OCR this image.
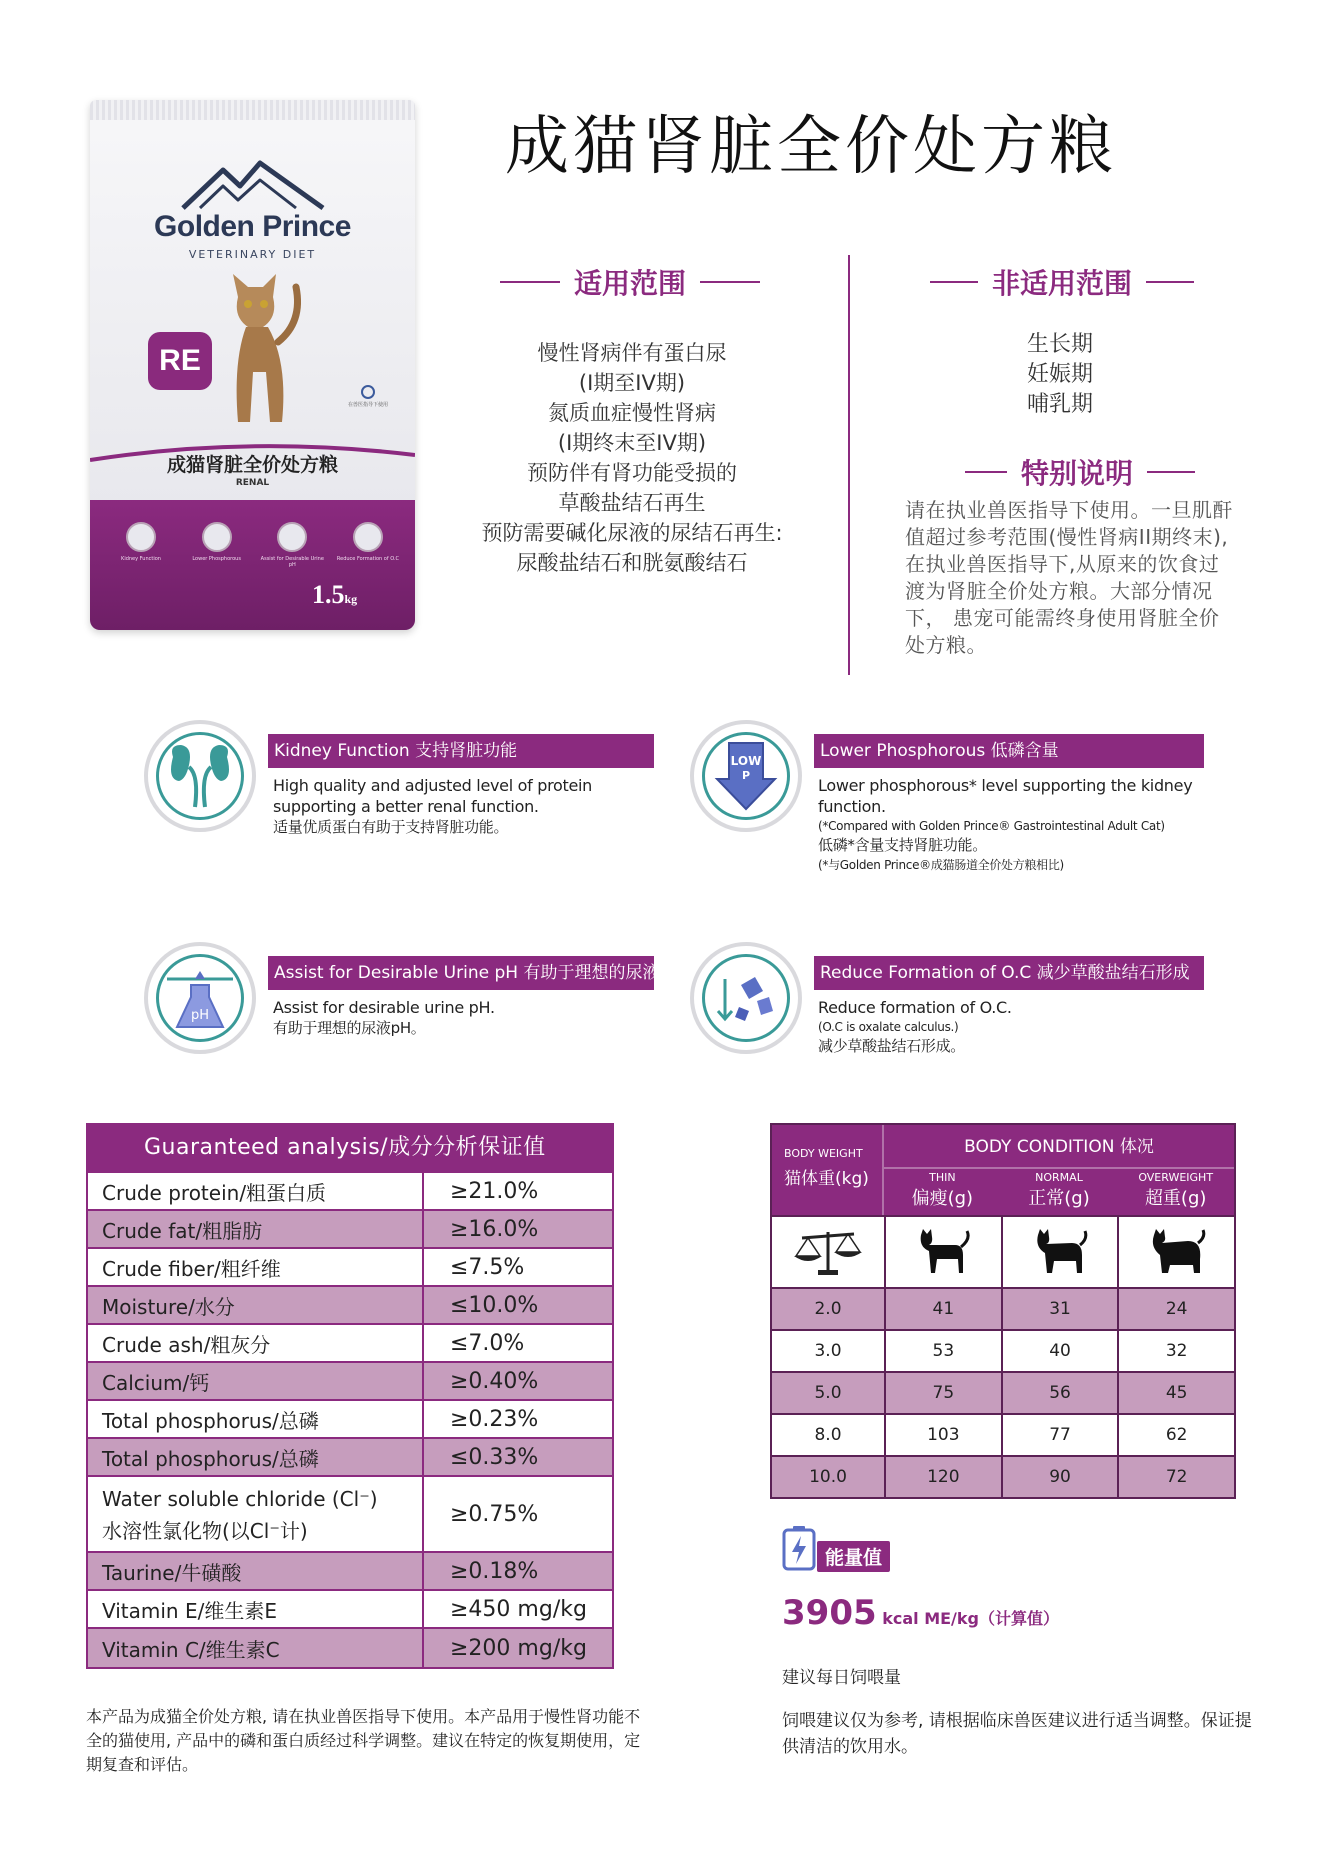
Golden Prince
VETERINARY DIET
RE
在兽医指导下使用
成猫肾脏全价处方粮
RENAL
Kidney Function	Lower Phosphorous	Assist for Desirable Urine pH
Reduce Formation of O.C
1.5kg
成猫肾脏全价处方粮
适用范围	非适用范围
慢性肾病伴有蛋白尿
(I期至IV期)
氮质血症慢性肾病
(I期终末至IV期)
预防伴有肾功能受损的
草酸盐结石再生
预防需要碱化尿液的尿结石再生:
尿酸盐结石和胱氨酸结石
生长期
妊娠期
哺乳期
特别说明
请在执业兽医指导下使用。一旦肌酐值超过参考范围(慢性肾病II期终末),在执业兽医指导下,从原来的饮食过渡为肾脏全价处方粮。大部分情况下， 患宠可能需终身使用肾脏全价处方粮。
Kidney Function 支持肾脏功能
High quality and adjusted level of protein supporting a better renal function.
适量优质蛋白有助于支持肾脏功能。
LOW
P
Lower Phosphorous 低磷含量
Lower phosphorous* level supporting the kidney function.
(*Compared with Golden Prince® Gastrointestinal Adult Cat)
低磷*含量支持肾脏功能。
(*与Golden Prince®成猫肠道全价处方粮相比)
pH
Assist for Desirable Urine pH 有助于理想的尿液pH
Assist for desirable urine pH.
有助于理想的尿液pH。
Reduce Formation of O.C 减少草酸盐结石形成
Reduce formation of O.C.
(O.C is oxalate calculus.)
减少草酸盐结石形成。
Guaranteed analysis/成分分析保证值
Crude protein/粗蛋白质	≥21.0%
Crude fat/粗脂肪	≥16.0%
Crude fiber/粗纤维	≤7.5%
Moisture/水分	≤10.0%
Crude ash/粗灰分	≤7.0%
Calcium/钙	≥0.40%
Total phosphorus/总磷	≥0.23%
Total phosphorus/总磷	≤0.33%
Water soluble chloride (Cl⁻)
水溶性氯化物(以Cl⁻计)
≥0.75%
Taurine/牛磺酸	≥0.18%
Vitamin E/维生素E	≥450 mg/kg
Vitamin C/维生素C	≥200 mg/kg
本产品为成猫全价处方粮, 请在执业兽医指导下使用。本产品用于慢性肾功能不全的猫使用, 产品中的磷和蛋白质经过科学调整。建议在特定的恢复期使用，定期复查和评估。
BODY WEIGHT
猫体重(kg)
BODY CONDITION 体况
THIN
偏瘦(g)
NORMAL
正常(g)
OVERWEIGHT
超重(g)
2.0	41	31	24
3.0	53	40	32
5.0	75	56	45
8.0	103	77	62
10.0	120	90	72
能量值
3905 kcal ME/kg（计算值）
建议每日饲喂量
饲喂建议仅为参考, 请根据临床兽医建议进行适当调整。保证提供清洁的饮用水。
